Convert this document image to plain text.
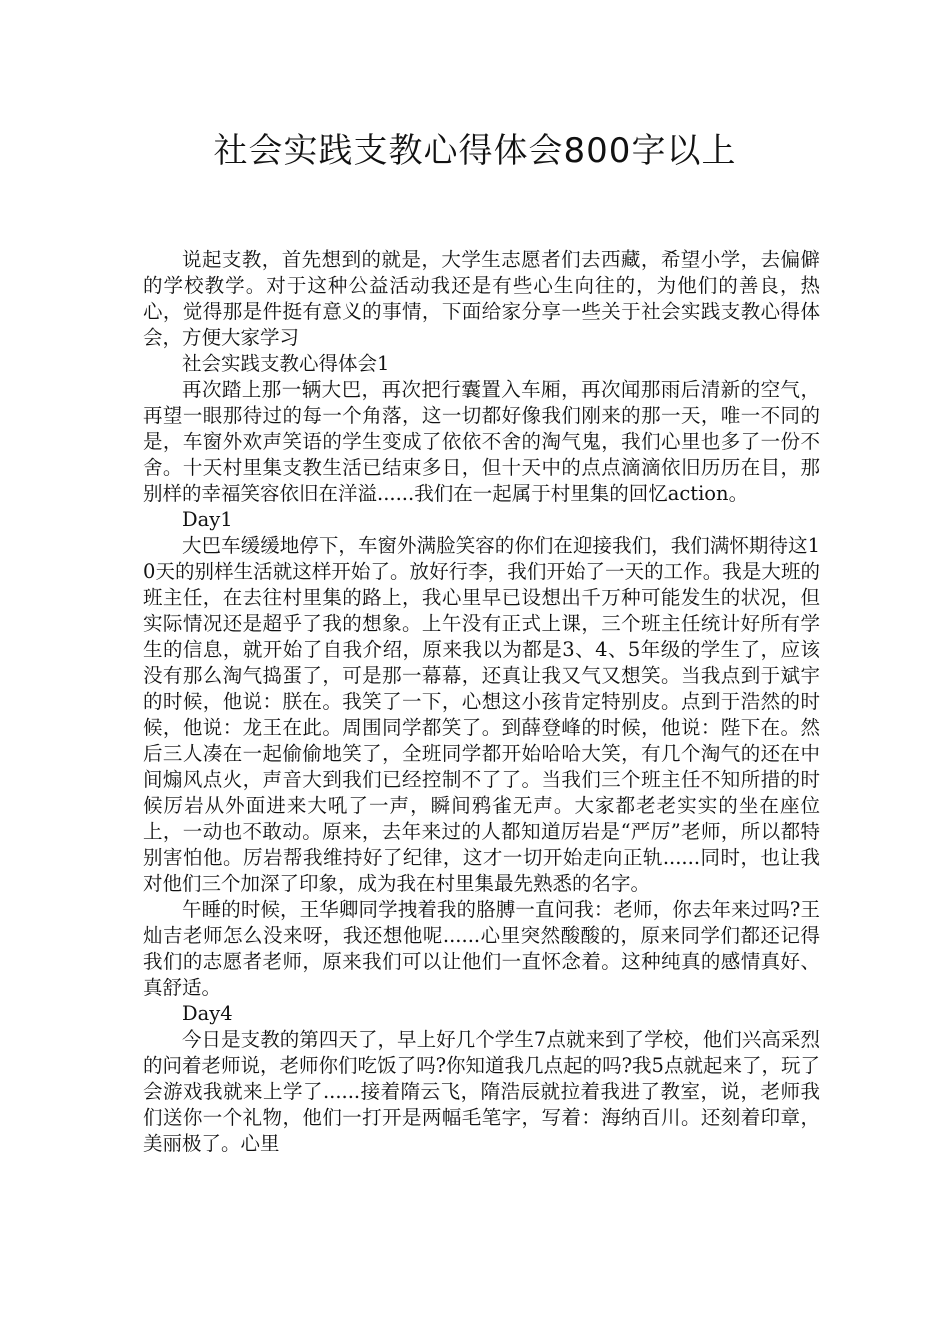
社会实践支教心得体会800字以上

说起支教，首先想到的就是，大学生志愿者们去西藏，希望小学，去偏僻的学校教学。对于这种公益活动我还是有些心生向往的，为他们的善良，热心，觉得那是件挺有意义的事情，下面给家分享一些关于社会实践支教心得体会，方便大家学习

社会实践支教心得体会1

再次踏上那一辆大巴，再次把行囊置入车厢，再次闻那雨后清新的空气，再望一眼那待过的每一个角落，这一切都好像我们刚来的那一天，唯一不同的是，车窗外欢声笑语的学生变成了依依不舍的淘气鬼，我们心里也多了一份不舍。十天村里集支教生活已结束多日，但十天中的点点滴滴依旧历历在目，那别样的幸福笑容依旧在洋溢......我们在一起属于村里集的回忆action。

Day1

大巴车缓缓地停下，车窗外满脸笑容的你们在迎接我们，我们满怀期待这10天的别样生活就这样开始了。放好行李，我们开始了一天的工作。我是大班的班主任，在去往村里集的路上，我心里早已设想出千万种可能发生的状况，但实际情况还是超乎了我的想象。上午没有正式上课，三个班主任统计好所有学生的信息，就开始了自我介绍，原来我以为都是3、4、5年级的学生了，应该没有那么淘气捣蛋了，可是那一幕幕，还真让我又气又想笑。当我点到于斌宇的时候，他说：朕在。我笑了一下，心想这小孩肯定特别皮。点到于浩然的时候，他说：龙王在此。周围同学都笑了。到薛登峰的时候，他说：陛下在。然后三人凑在一起偷偷地笑了，全班同学都开始哈哈大笑，有几个淘气的还在中间煽风点火，声音大到我们已经控制不了了。当我们三个班主任不知所措的时候厉岩从外面进来大吼了一声，瞬间鸦雀无声。大家都老老实实的坐在座位上，一动也不敢动。原来，去年来过的人都知道厉岩是“严厉”老师，所以都特别害怕他。厉岩帮我维持好了纪律，这才一切开始走向正轨......同时，也让我对他们三个加深了印象，成为我在村里集最先熟悉的名字。

午睡的时候，王华卿同学拽着我的胳膊一直问我：老师，你去年来过吗?王灿吉老师怎么没来呀，我还想他呢......心里突然酸酸的，原来同学们都还记得我们的志愿者老师，原来我们可以让他们一直怀念着。这种纯真的感情真好、真舒适。

Day4

今日是支教的第四天了，早上好几个学生7点就来到了学校，他们兴高采烈的问着老师说，老师你们吃饭了吗?你知道我几点起的吗?我5点就起来了，玩了会游戏我就来上学了......接着隋云飞，隋浩辰就拉着我进了教室，说，老师我们送你一个礼物，他们一打开是两幅毛笔字，写着：海纳百川。还刻着印章，美丽极了。心里
